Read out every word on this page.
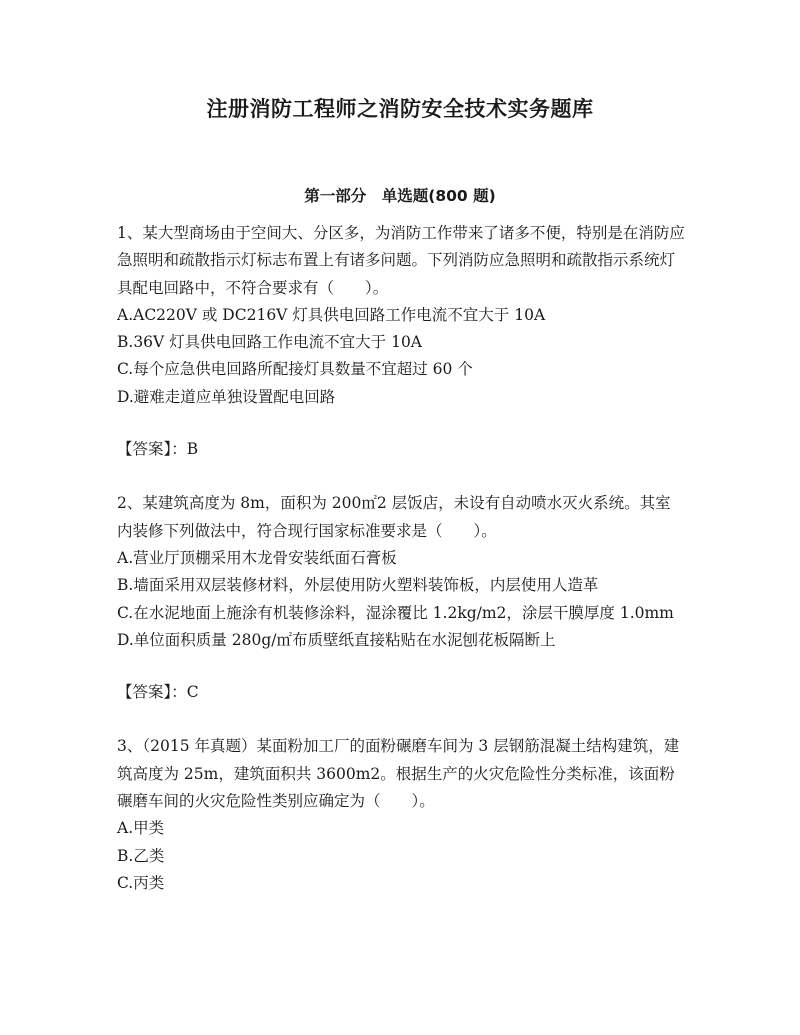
注册消防工程师之消防安全技术实务题库
第一部分　单选题(800 题)
1、某大型商场由于空间大、分区多，为消防工作带来了诸多不便，特别是在消防应急照明和疏散指示灯标志布置上有诸多问题。下列消防应急照明和疏散指示系统灯具配电回路中，不符合要求有（　　）。
A.AC220V 或 DC216V 灯具供电回路工作电流不宜大于 10A
B.36V 灯具供电回路工作电流不宜大于 10A
C.每个应急供电回路所配接灯具数量不宜超过 60 个
D.避难走道应单独设置配电回路
【答案】：B
2、某建筑高度为 8m，面积为 200㎡2 层饭店，未设有自动喷水灭火系统。其室内装修下列做法中，符合现行国家标准要求是（　　）。
A.营业厅顶棚采用木龙骨安装纸面石膏板
B.墙面采用双层装修材料，外层使用防火塑料装饰板，内层使用人造革
C.在水泥地面上施涂有机装修涂料，湿涂覆比 1.2kg/m2，涂层干膜厚度 1.0mm
D.单位面积质量 280g/㎡布质壁纸直接粘贴在水泥刨花板隔断上
【答案】：C
3、（2015 年真题）某面粉加工厂的面粉碾磨车间为 3 层钢筋混凝土结构建筑，建筑高度为 25m，建筑面积共 3600m2。根据生产的火灾危险性分类标准，该面粉碾磨车间的火灾危险性类别应确定为（　　）。
A.甲类
B.乙类
C.丙类
